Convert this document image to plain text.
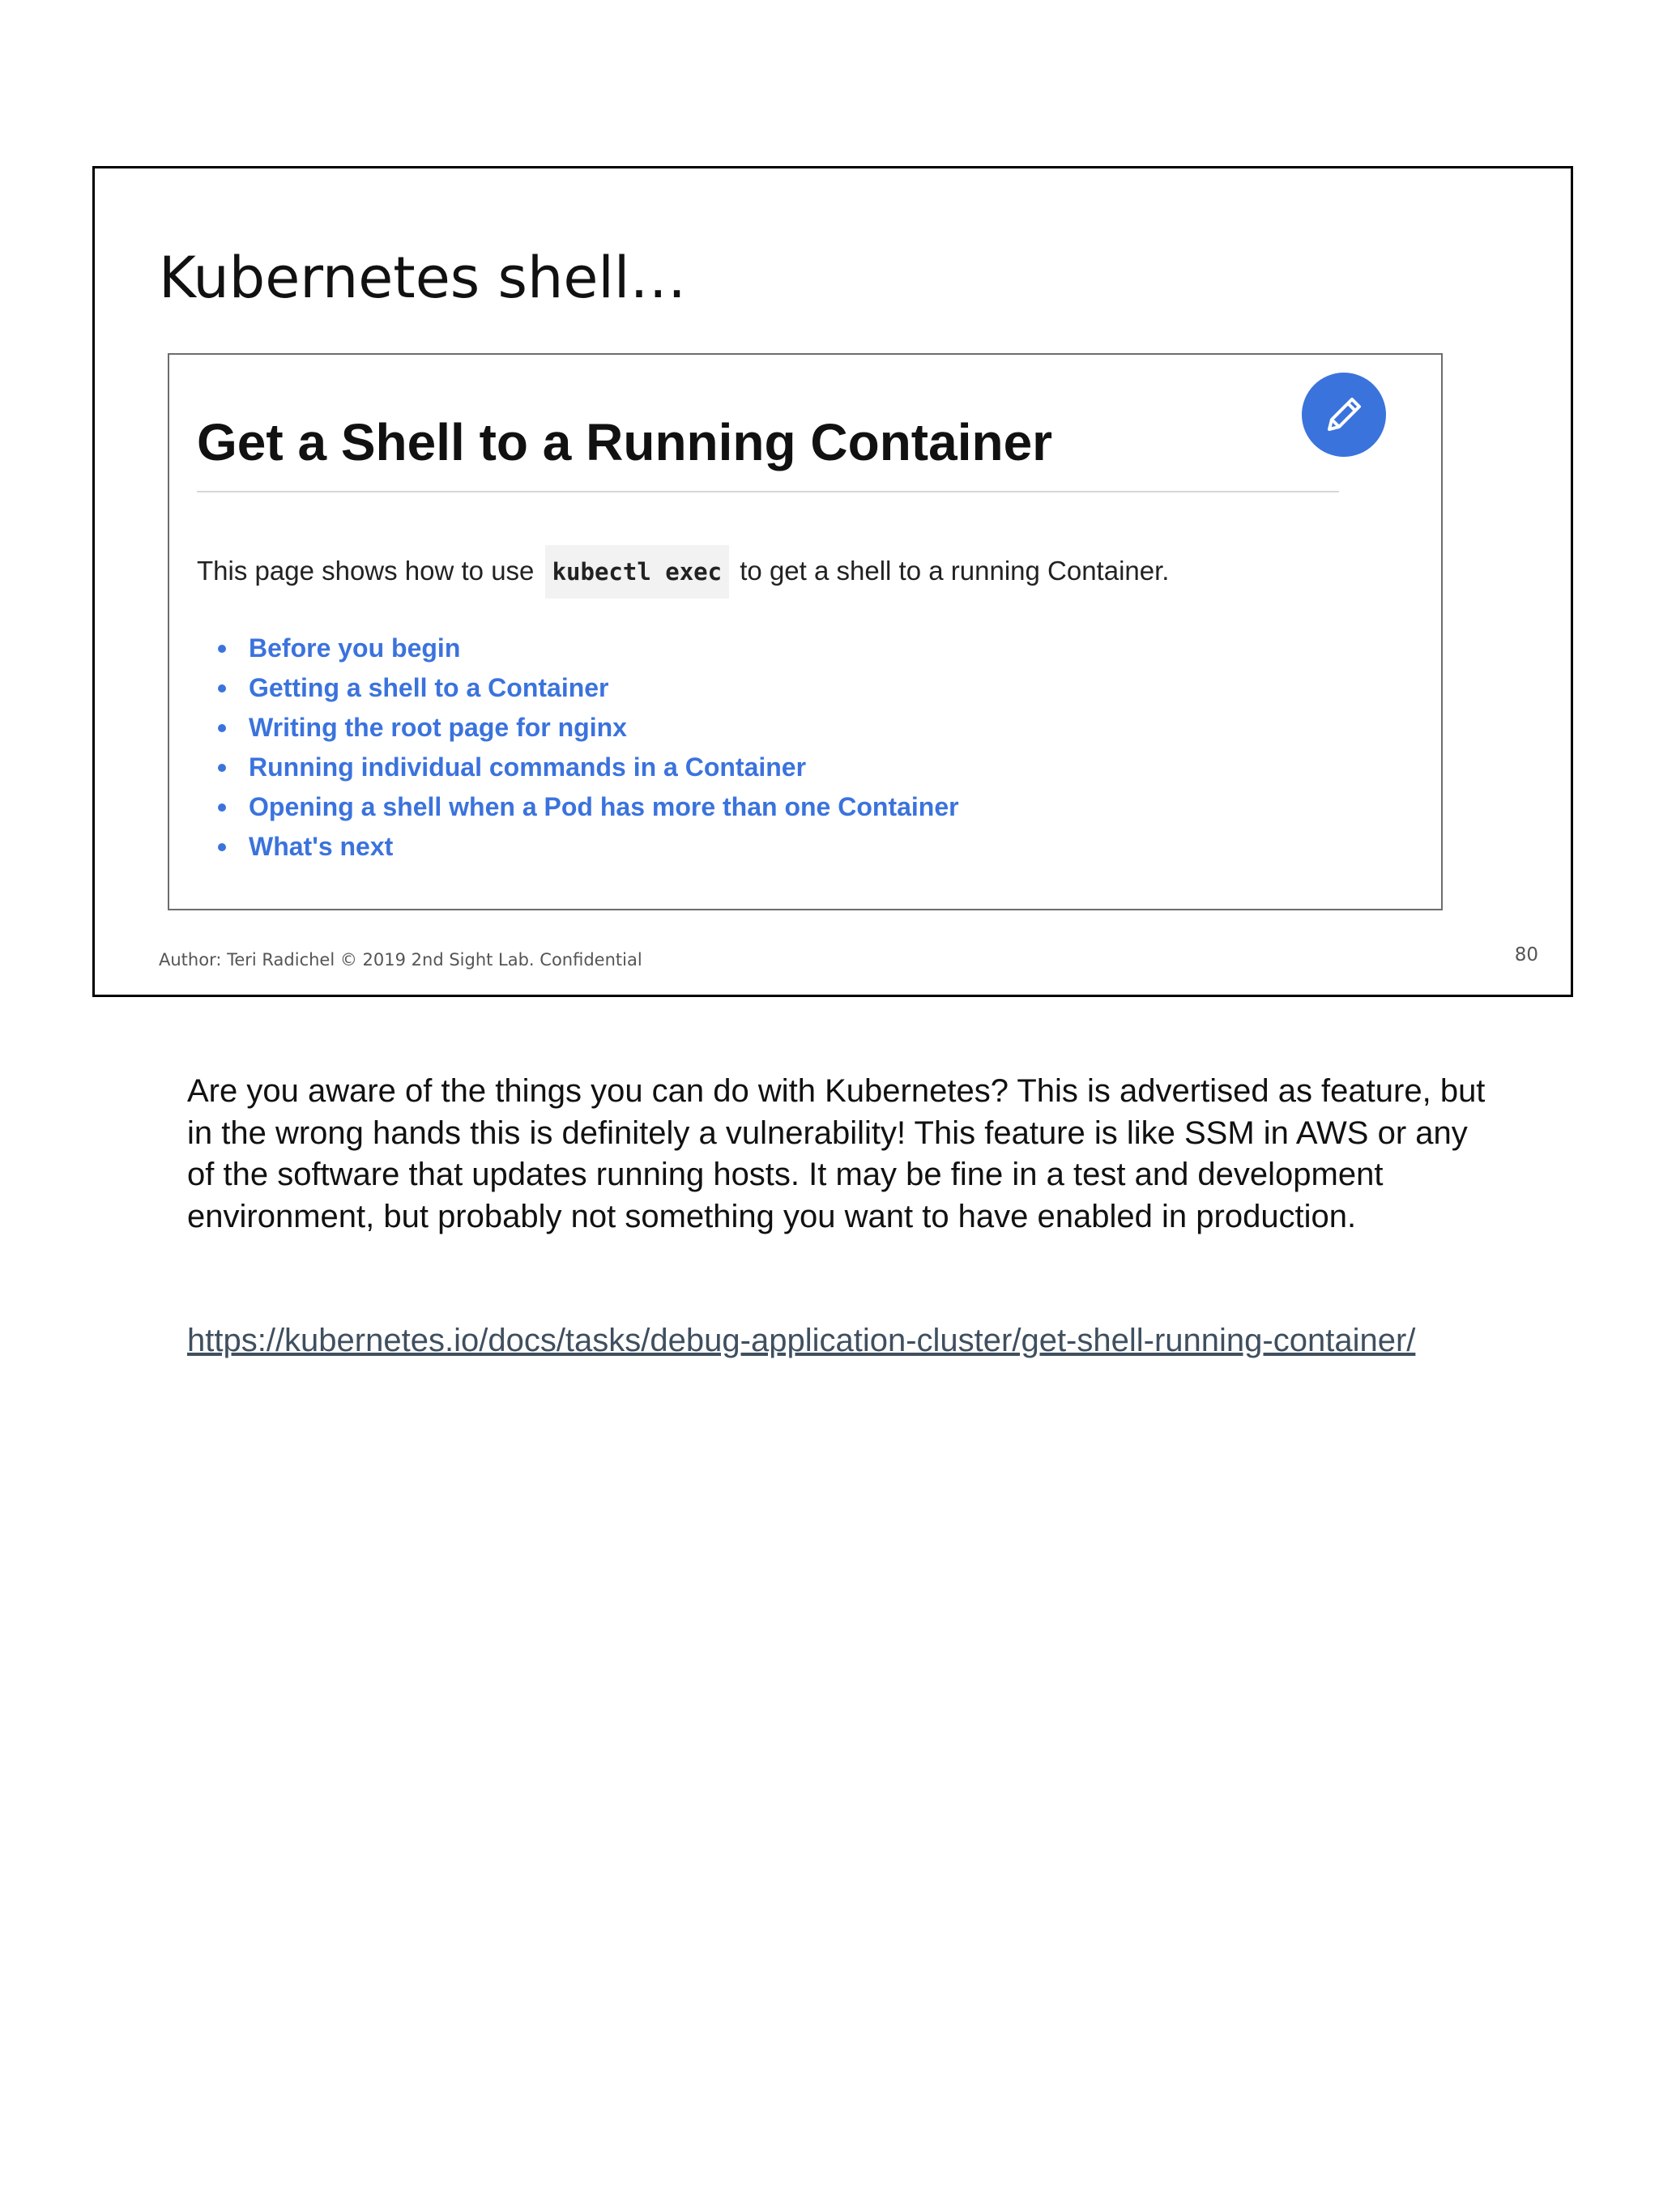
Kubernetes shell…
Get a Shell to a Running Container

This page shows how to use kubectl exec to get a shell to a running Container.

Before you begin
Getting a shell to a Container
Writing the root page for nginx
Running individual commands in a Container
Opening a shell when a Pod has more than one Container
What's next

Author: Teri Radichel © 2019 2nd Sight Lab. Confidential	80

Are you aware of the things you can do with Kubernetes? This is advertised as feature, but in the wrong hands this is definitely a vulnerability! This feature is like SSM in AWS or any of the software that updates running hosts. It may be fine in a test and development environment, but probably not something you want to have enabled in production.

https://kubernetes.io/docs/tasks/debug-application-cluster/get-shell-running-container/
